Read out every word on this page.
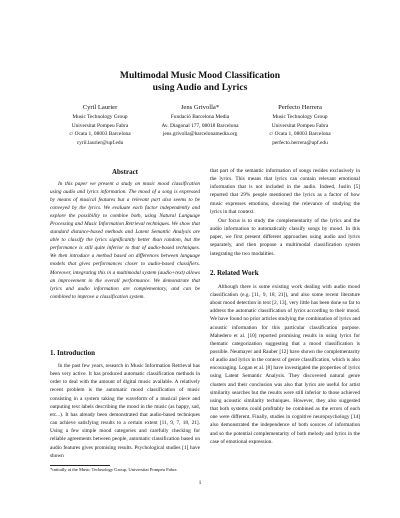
Multimodal Music Mood Classification
using Audio and Lyrics
Cyril Laurier
Music Technology Group
Universitat Pompeu Fabra
c/ Ocata 1, 08003 Barcelona
cyril.laurier@upf.edu
Jens Grivolla*
Fundació Barcelona Media
Av. Diagonal 177, 08018 Barcelona
jens.grivolla@barcelonamedia.org
Perfecto Herrera
Music Technology Group
Universitat Pompeu Fabra
c/ Ocata 1, 08003 Barcelona
perfecto.herrera@upf.edu
Abstract

In this paper we present a study on music mood classification using audio and lyrics information. The mood of a song is expressed by means of musical features but a relevant part also seems to be conveyed by the lyrics. We evaluate each factor independently and explore the possibility to combine both, using Natural Language Processing and Music Information Retrieval techniques. We show that standard distance-based methods and Latent Semantic Analysis are able to classify the lyrics significantly better than random, but the performance is still quite inferior to that of audio-based techniques. We then introduce a method based on differences between language models that gives performances closer to audio-based classifiers. Moreover, integrating this in a multimodal system (audio+text) allows an improvement in the overall performance. We demonstrate that lyrics and audio information are complementary, and can be combined to improve a classification system.

1. Introduction

In the past few years, research in Music Information Retrieval has been very active. It has produced automatic classification methods in order to deal with the amount of digital music available. A relatively recent problem is the automatic mood classification of music consisting in a system taking the waveform of a musical piece and outputing text labels describing the mood in the music (as happy, sad, etc...). It has already been demonstrated that audio-based techniques can achieve satisfying results to a certain extent [11, 9, 7, 18, 21]. Using a few simple mood categories and carefully checking for reliable agreements between people, automatic classification based on audio features gives promising results. Psychological studies [1] have shown

*initially at the Music Technology Group, Universitat Pompeu Fabra

that part of the semantic information of songs resides exclusively in the lyrics. This means that lyrics can contain relevant emotional information that is not included in the audio. Indeed, Juslin [5] reported that 29% people mentioned the lyrics as a factor of how music expresses emotions, showing the relevance of studying the lyrics in that context.

Our focus is to study the complementarity of the lyrics and the audio information to automatically classify songs by mood. In this paper, we first present different approaches using audio and lyrics separately, and then propose a multimodal classification system integrating the two modalities.

2. Related Work

Although there is some existing work dealing with audio mood classification (e.g. [11, 9, 18, 21]), and also some recent literature about mood detection in text [2, 13], very little has been done so far to address the automatic classification of lyrics according to their mood. We have found no prior articles studying the combination of lyrics and acoustic information for this particular classification purpose. Mahedero et al. [10] reported promising results in using lyrics for thematic categorization suggesting that a mood classification is possible. Neumayer and Rauber [12] have shown the complementarity of audio and lyrics in the context of genre classification, which is also encouraging. Logan et al. [8] have investigated the properties of lyrics using Latent Semantic Analysis. They discovered natural genre clusters and their conclusion was also that lyrics are useful for artist similarity searches but the results were still inferior to those achieved using acoustic similarity techniques. However, they also suggested that both systems could profitably be combined as the errors of each one were different. Finally, studies in cognitive neuropsychology [14] also demonstrated the independence of both sources of information and so the potential complementarity of both melody and lyrics in the case of emotional expression.

1
